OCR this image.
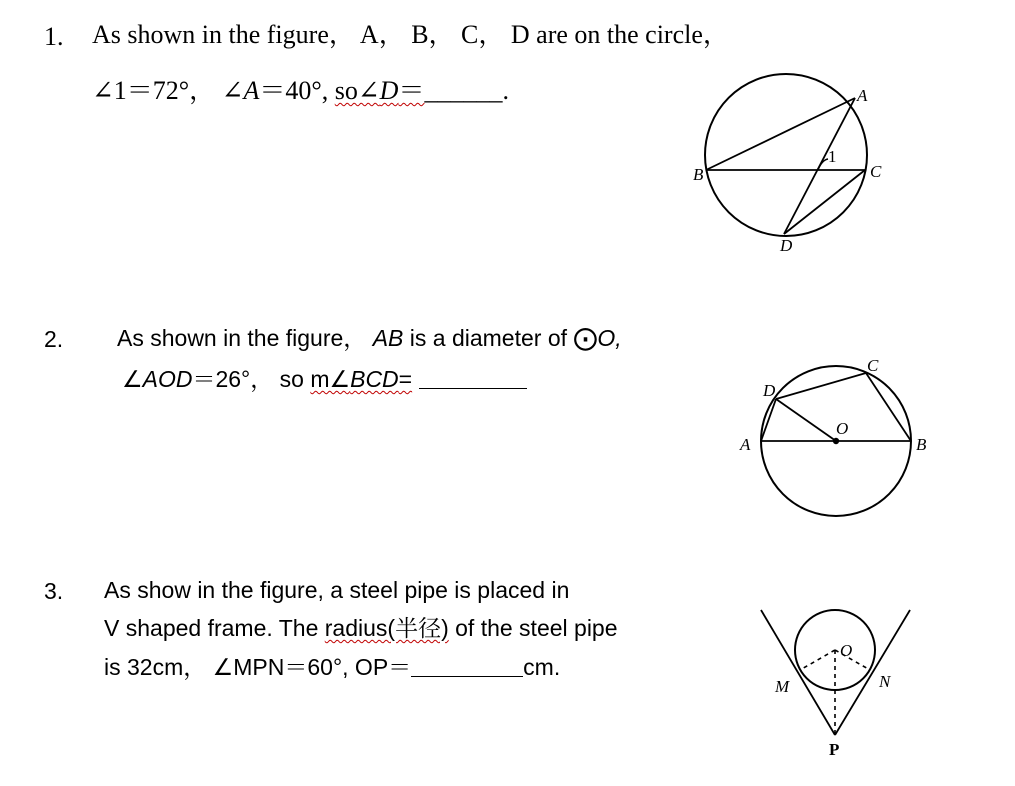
1. As shown in the figure， A， B， C， D are on the circle，
∠1＝72°， ∠A＝40°, so∠D＝______.	A
B	C
D
1
2. As shown in the figure， AB is a diameter of ⨀O,
∠AOD＝26°， so m∠BCD=
A	B
C
D
O
3. As show in the figure, a steel pipe is placed in
V shaped frame. The radius(半径) of the steel pipe
is 32cm， ∠MPN＝60°, OP＝	cm.
O
M	N
P
